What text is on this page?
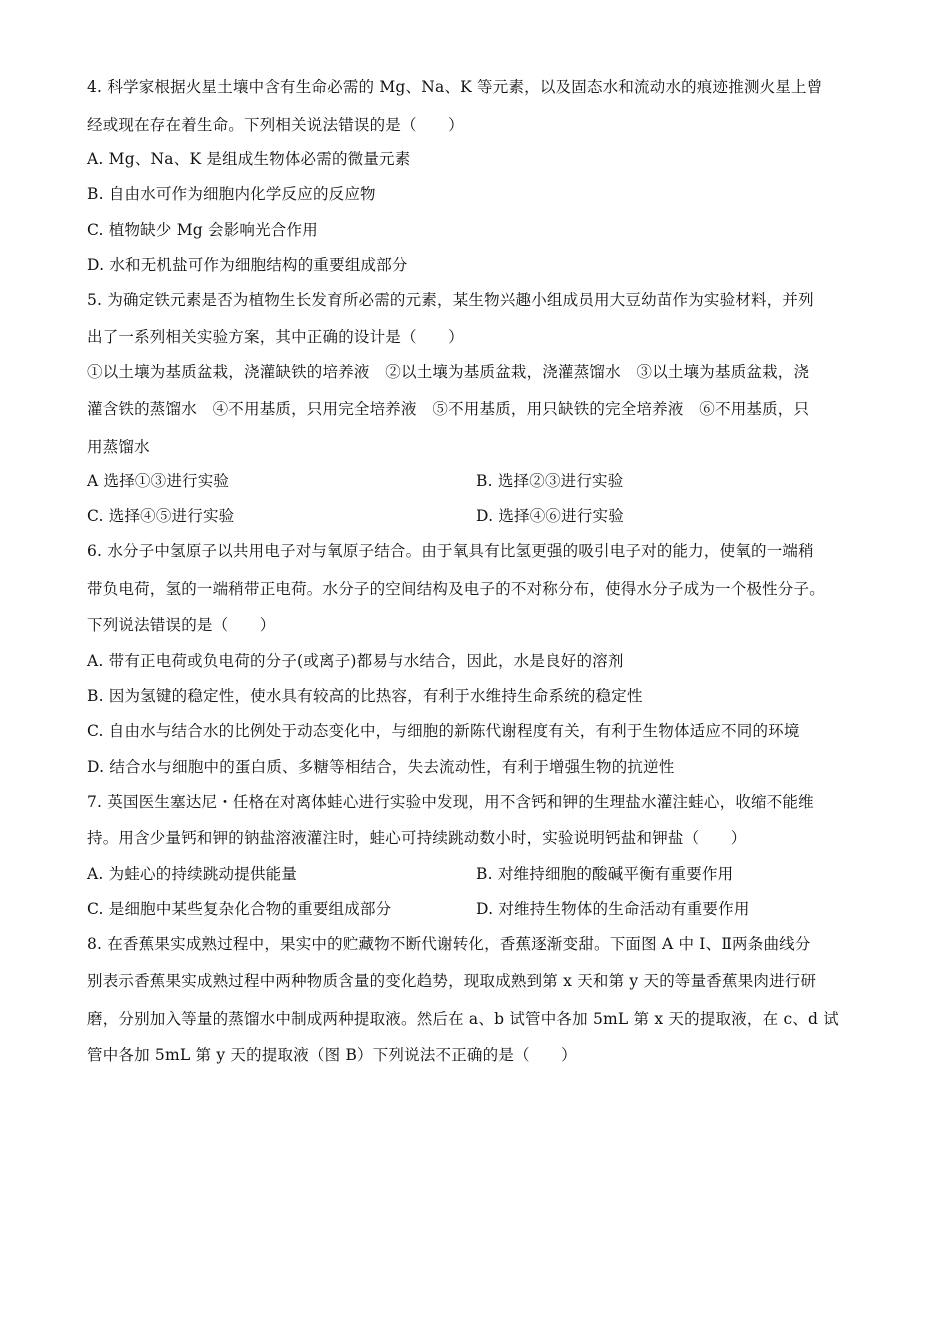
4. 科学家根据火星土壤中含有生命必需的 Mg、Na、K 等元素，以及固态水和流动水的痕迹推测火星上曾
经或现在存在着生命。下列相关说法错误的是（　　）
A. Mg、Na、K 是组成生物体必需的微量元素
B. 自由水可作为细胞内化学反应的反应物
C. 植物缺少 Mg 会影响光合作用
D. 水和无机盐可作为细胞结构的重要组成部分
5. 为确定铁元素是否为植物生长发育所必需的元素，某生物兴趣小组成员用大豆幼苗作为实验材料，并列
出了一系列相关实验方案，其中正确的设计是（　　）
①以土壤为基质盆栽，浇灌缺铁的培养液　②以土壤为基质盆栽，浇灌蒸馏水　③以土壤为基质盆栽，浇
灌含铁的蒸馏水　④不用基质，只用完全培养液　⑤不用基质，用只缺铁的完全培养液　⑥不用基质，只
用蒸馏水
A 选择①③进行实验	B. 选择②③进行实验
C. 选择④⑤进行实验	D. 选择④⑥进行实验
6. 水分子中氢原子以共用电子对与氧原子结合。由于氧具有比氢更强的吸引电子对的能力，使氧的一端稍
带负电荷，氢的一端稍带正电荷。水分子的空间结构及电子的不对称分布，使得水分子成为一个极性分子。
下列说法错误的是（　　）
A. 带有正电荷或负电荷的分子(或离子)都易与水结合，因此，水是良好的溶剂
B. 因为氢键的稳定性，使水具有较高的比热容，有利于水维持生命系统的稳定性
C. 自由水与结合水的比例处于动态变化中，与细胞的新陈代谢程度有关，有利于生物体适应不同的环境
D. 结合水与细胞中的蛋白质、多糖等相结合，失去流动性，有利于增强生物的抗逆性
7. 英国医生塞达尼・任格在对离体蛙心进行实验中发现，用不含钙和钾的生理盐水灌注蛙心，收缩不能维
持。用含少量钙和钾的钠盐溶液灌注时，蛙心可持续跳动数小时，实验说明钙盐和钾盐（　　）
A. 为蛙心的持续跳动提供能量	B. 对维持细胞的酸碱平衡有重要作用
C. 是细胞中某些复杂化合物的重要组成部分	D. 对维持生物体的生命活动有重要作用
8. 在香蕉果实成熟过程中，果实中的贮藏物不断代谢转化，香蕉逐渐变甜。下面图 A 中 I、Ⅱ两条曲线分
别表示香蕉果实成熟过程中两种物质含量的变化趋势，现取成熟到第 x 天和第 y 天的等量香蕉果肉进行研
磨，分别加入等量的蒸馏水中制成两种提取液。然后在 a、b 试管中各加 5mL 第 x 天的提取液，在 c、d 试
管中各加 5mL 第 y 天的提取液（图 B）下列说法不正确的是（　　）
